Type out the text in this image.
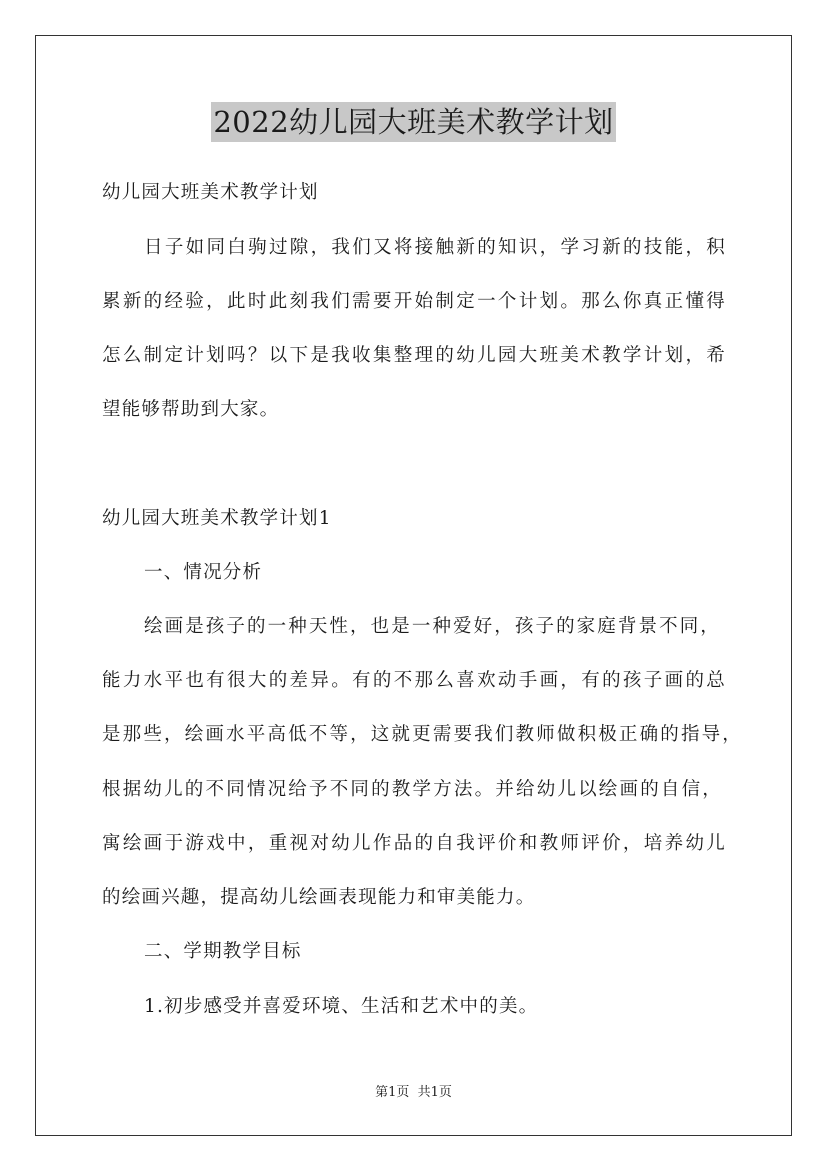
2022幼儿园大班美术教学计划
幼儿园大班美术教学计划
日子如同白驹过隙，我们又将接触新的知识，学习新的技能，积
累新的经验，此时此刻我们需要开始制定一个计划。那么你真正懂得
怎么制定计划吗？以下是我收集整理的幼儿园大班美术教学计划，希
望能够帮助到大家。
幼儿园大班美术教学计划1
一、情况分析
绘画是孩子的一种天性，也是一种爱好，孩子的家庭背景不同，
能力水平也有很大的差异。有的不那么喜欢动手画，有的孩子画的总
是那些，绘画水平高低不等，这就更需要我们教师做积极正确的指导，
根据幼儿的不同情况给予不同的教学方法。并给幼儿以绘画的自信，
寓绘画于游戏中，重视对幼儿作品的自我评价和教师评价，培养幼儿
的绘画兴趣，提高幼儿绘画表现能力和审美能力。
二、学期教学目标
1.初步感受并喜爱环境、生活和艺术中的美。
第1页  共1页
